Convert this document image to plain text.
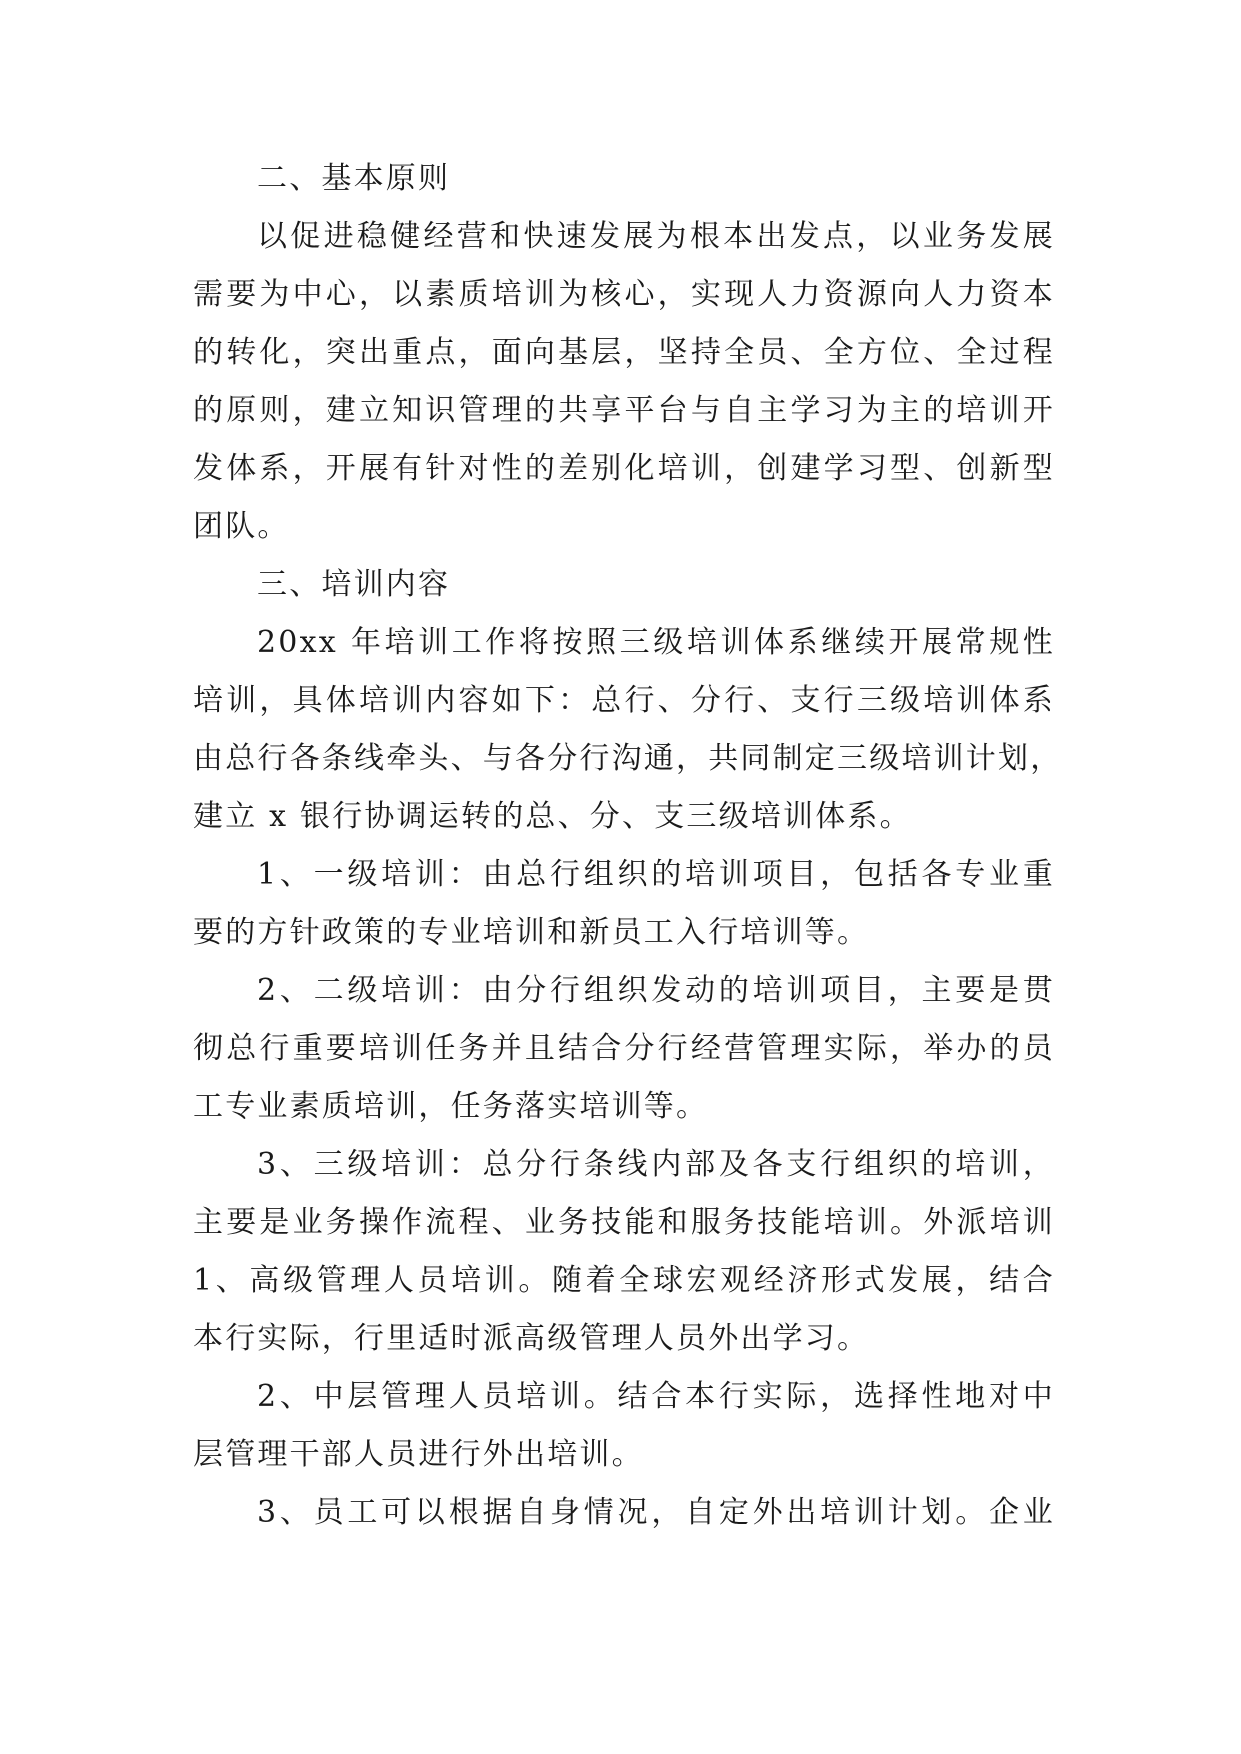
二、基本原则
以促进稳健经营和快速发展为根本出发点，以业务发展
需要为中心，以素质培训为核心，实现人力资源向人力资本
的转化，突出重点，面向基层，坚持全员、全方位、全过程
的原则，建立知识管理的共享平台与自主学习为主的培训开
发体系，开展有针对性的差别化培训，创建学习型、创新型
团队。
三、培训内容
20xx 年培训工作将按照三级培训体系继续开展常规性
培训，具体培训内容如下：总行、分行、支行三级培训体系
由总行各条线牵头、与各分行沟通，共同制定三级培训计划，
建立 x 银行协调运转的总、分、支三级培训体系。
1、一级培训：由总行组织的培训项目，包括各专业重
要的方针政策的专业培训和新员工入行培训等。
2、二级培训：由分行组织发动的培训项目，主要是贯
彻总行重要培训任务并且结合分行经营管理实际，举办的员
工专业素质培训，任务落实培训等。
3、三级培训：总分行条线内部及各支行组织的培训，
主要是业务操作流程、业务技能和服务技能培训。外派培训
1、高级管理人员培训。随着全球宏观经济形式发展，结合
本行实际，行里适时派高级管理人员外出学习。
2、中层管理人员培训。结合本行实际，选择性地对中
层管理干部人员进行外出培训。
3、员工可以根据自身情况，自定外出培训计划。企业
